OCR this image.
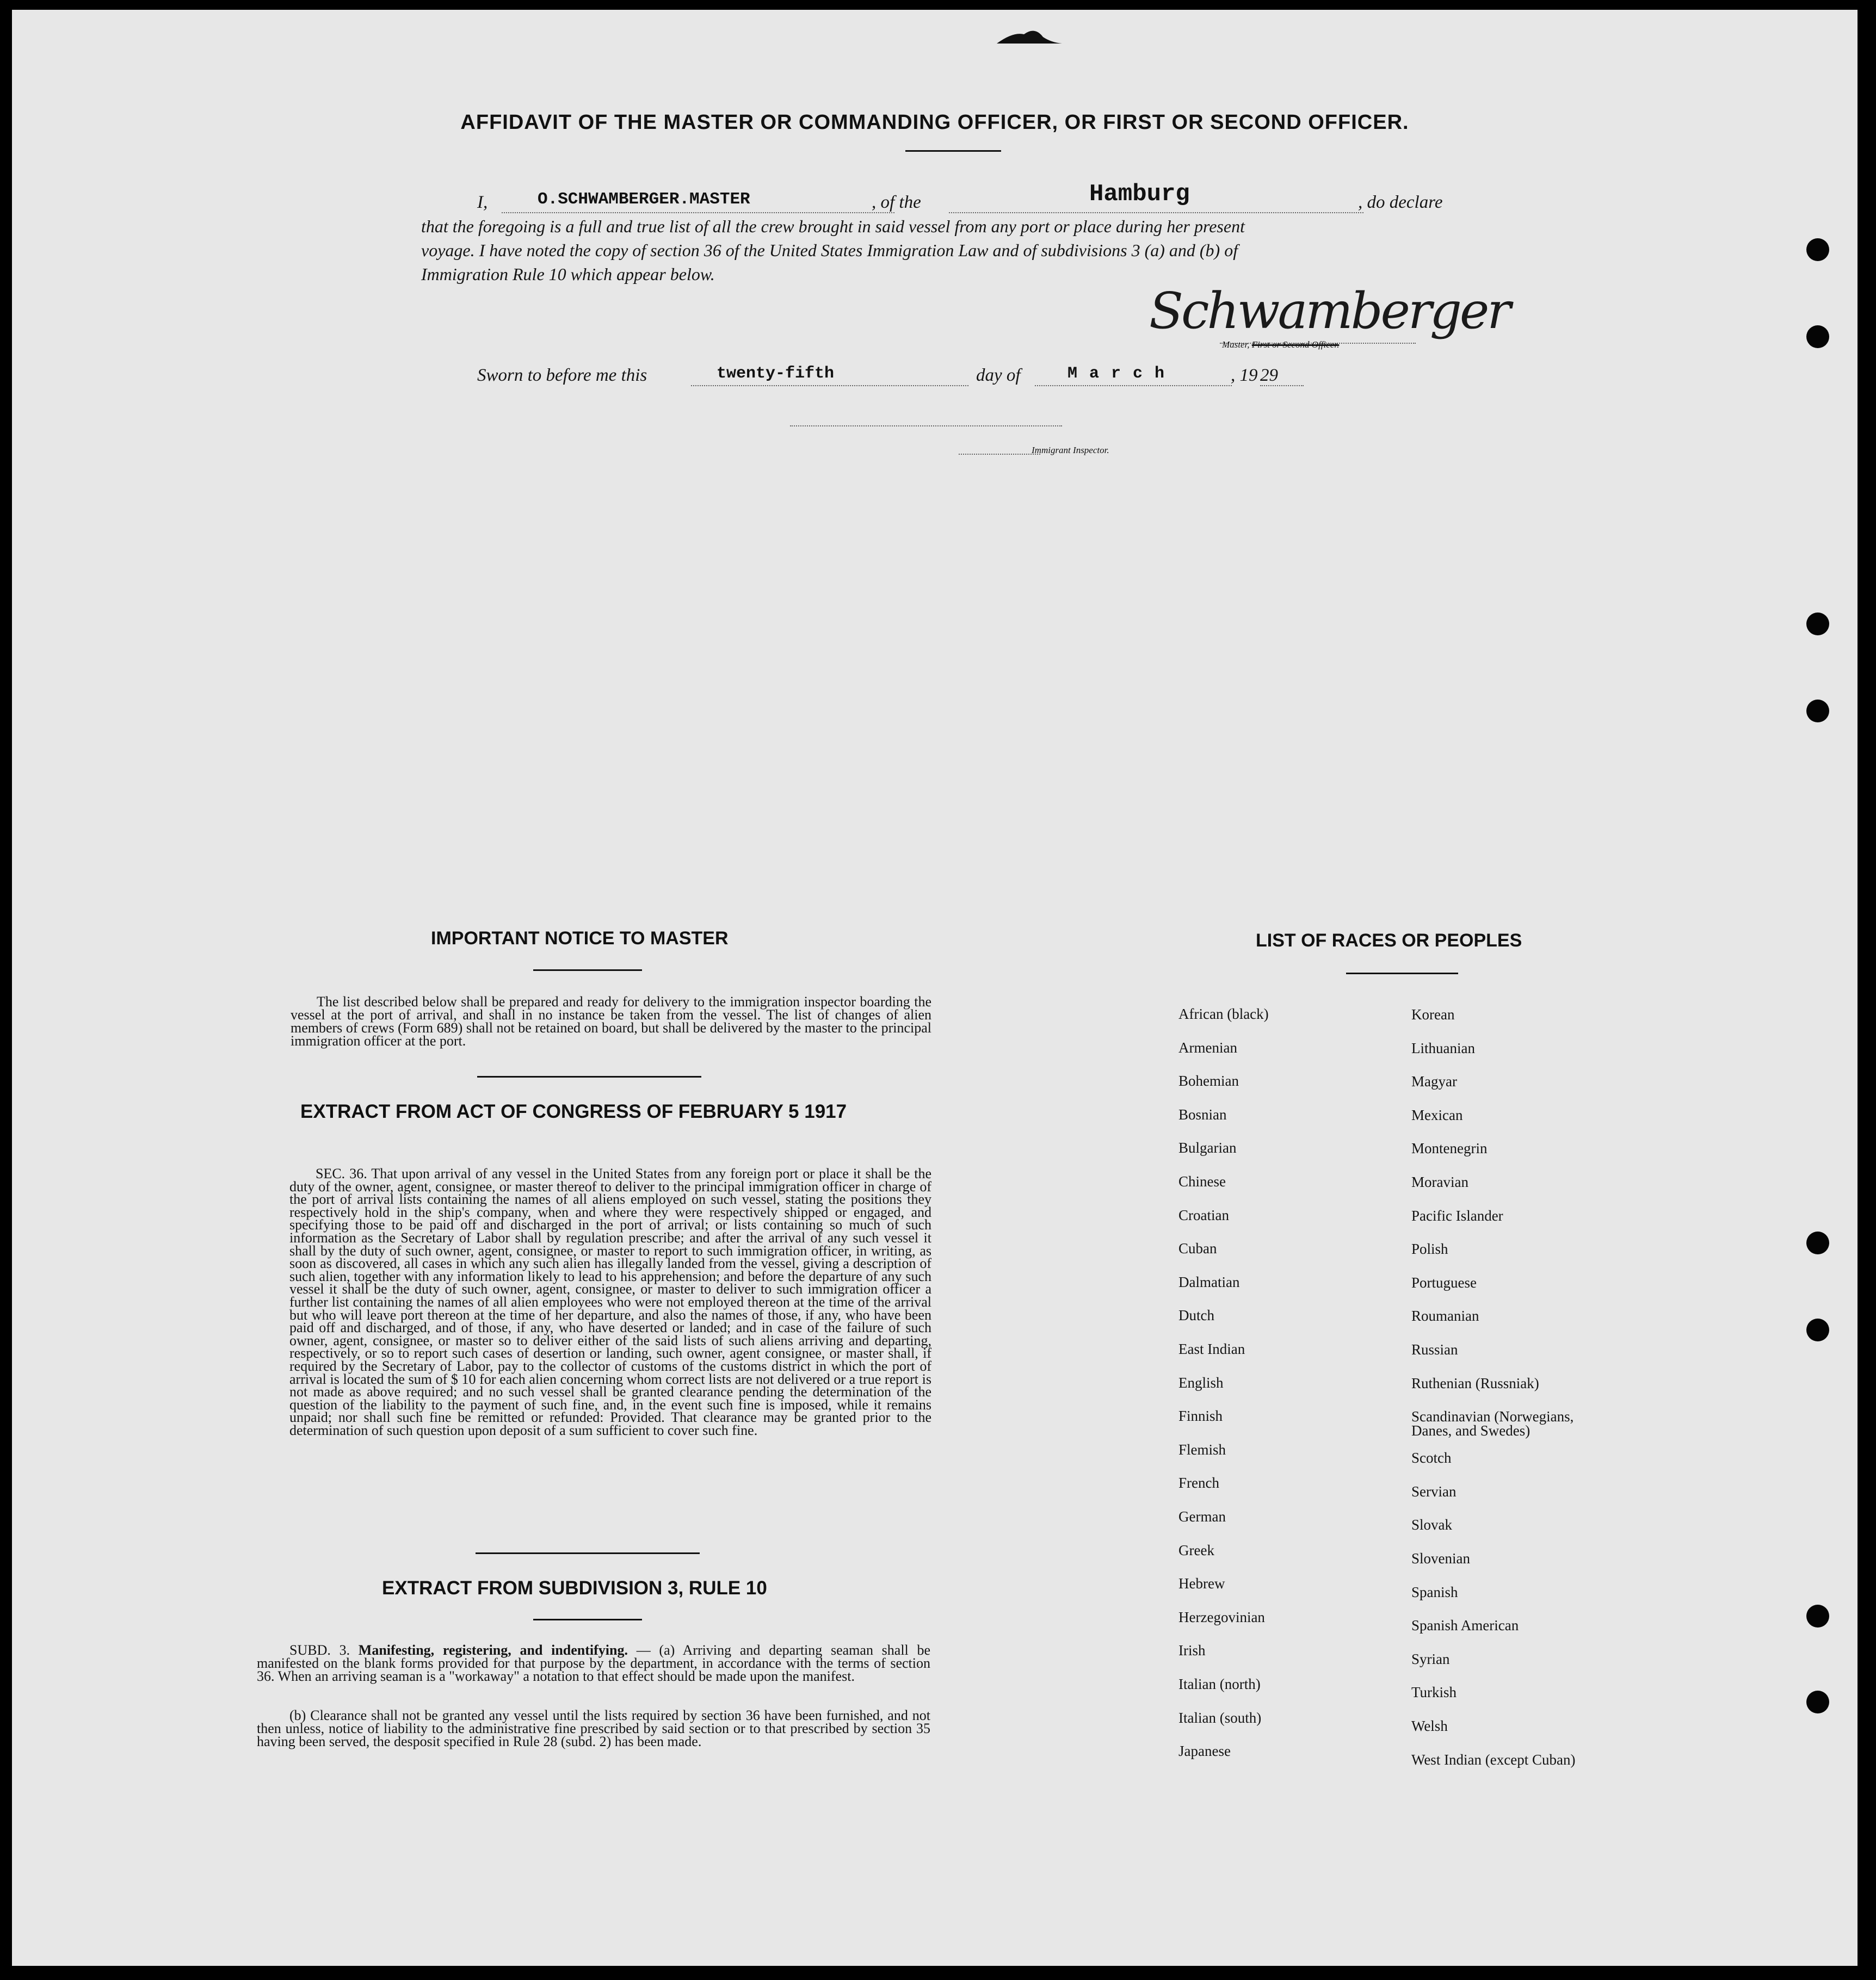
AFFIDAVIT OF THE MASTER OR COMMANDING OFFICER, OR FIRST OR SECOND OFFICER.
I,	O.SCHWAMBERGER.MASTER	, of the	Hamburg	, do declare
that the foregoing is a full and true list of all the crew brought in said vessel from any port or place during her present
voyage. I have noted the copy of section 36 of the United States Immigration Law and of subdivisions 3 (a) and (b) of
Immigration Rule 10 which appear below.
Schwamberger
Master, First or Second Officer.
Sworn to before me this	twenty-fifth	day of	March	, 19 29
Immigrant Inspector.
IMPORTANT NOTICE TO MASTER
The list described below shall be prepared and ready for delivery to the immigration inspector boarding the vessel at the port of arrival, and shall in no instance be taken from the vessel. The list of changes of alien members of crews (Form 689) shall not be retained on board, but shall be delivered by the master to the principal immigration officer at the port.
EXTRACT FROM ACT OF CONGRESS OF FEBRUARY 5 1917
SEC. 36. That upon arrival of any vessel in the United States from any foreign port or place it shall be the duty of the owner, agent, consignee, or master thereof to deliver to the principal immigration officer in charge of the port of arrival lists containing the names of all aliens employed on such vessel, stating the positions they respectively hold in the ship's company, when and where they were respectively shipped or engaged, and specifying those to be paid off and discharged in the port of arrival; or lists containing so much of such information as the Secretary of Labor shall by regulation prescribe; and after the arrival of any such vessel it shall by the duty of such owner, agent, consignee, or master to report to such immigration officer, in writing, as soon as discovered, all cases in which any such alien has illegally landed from the vessel, giving a description of such alien, together with any information likely to lead to his apprehension; and before the departure of any such vessel it shall be the duty of such owner, agent, consignee, or master to deliver to such immigration officer a further list containing the names of all alien employees who were not employed thereon at the time of the arrival but who will leave port thereon at the time of her departure, and also the names of those, if any, who have been paid off and discharged, and of those, if any, who have deserted or landed; and in case of the failure of such owner, agent, consignee, or master so to deliver either of the said lists of such aliens arriving and departing, respectively, or so to report such cases of desertion or landing, such owner, agent consignee, or master shall, if required by the Secretary of Labor, pay to the collector of customs of the customs district in which the port of arrival is located the sum of $ 10 for each alien concerning whom correct lists are not delivered or a true report is not made as above required; and no such vessel shall be granted clearance pending the determination of the question of the liability to the payment of such fine, and, in the event such fine is imposed, while it remains unpaid; nor shall such fine be remitted or refunded: Provided. That clearance may be granted prior to the determination of such question upon deposit of a sum sufficient to cover such fine.
EXTRACT FROM SUBDIVISION 3, RULE 10
SUBD. 3. Manifesting, registering, and indentifying. — (a) Arriving and departing seaman shall be manifested on the blank forms provided for that purpose by the department, in accordance with the terms of section 36. When an arriving seaman is a "workaway" a notation to that effect should be made upon the manifest.
(b) Clearance shall not be granted any vessel until the lists required by section 36 have been furnished, and not then unless, notice of liability to the administrative fine prescribed by said section or to that prescribed by section 35 having been served, the desposit specified in Rule 28 (subd. 2) has been made.
LIST OF RACES OR PEOPLES
African (black)
Armenian
Bohemian
Bosnian
Bulgarian
Chinese
Croatian
Cuban
Dalmatian
Dutch
East Indian
English
Finnish
Flemish
French
German
Greek
Hebrew
Herzegovinian
Irish
Italian (north)
Italian (south)
Japanese
Korean
Lithuanian
Magyar
Mexican
Montenegrin
Moravian
Pacific Islander
Polish
Portuguese
Roumanian
Russian
Ruthenian (Russniak)
Scandinavian (Norwegians, Danes, and Swedes)
Scotch
Servian
Slovak
Slovenian
Spanish
Spanish American
Syrian
Turkish
Welsh
West Indian (except Cuban)
